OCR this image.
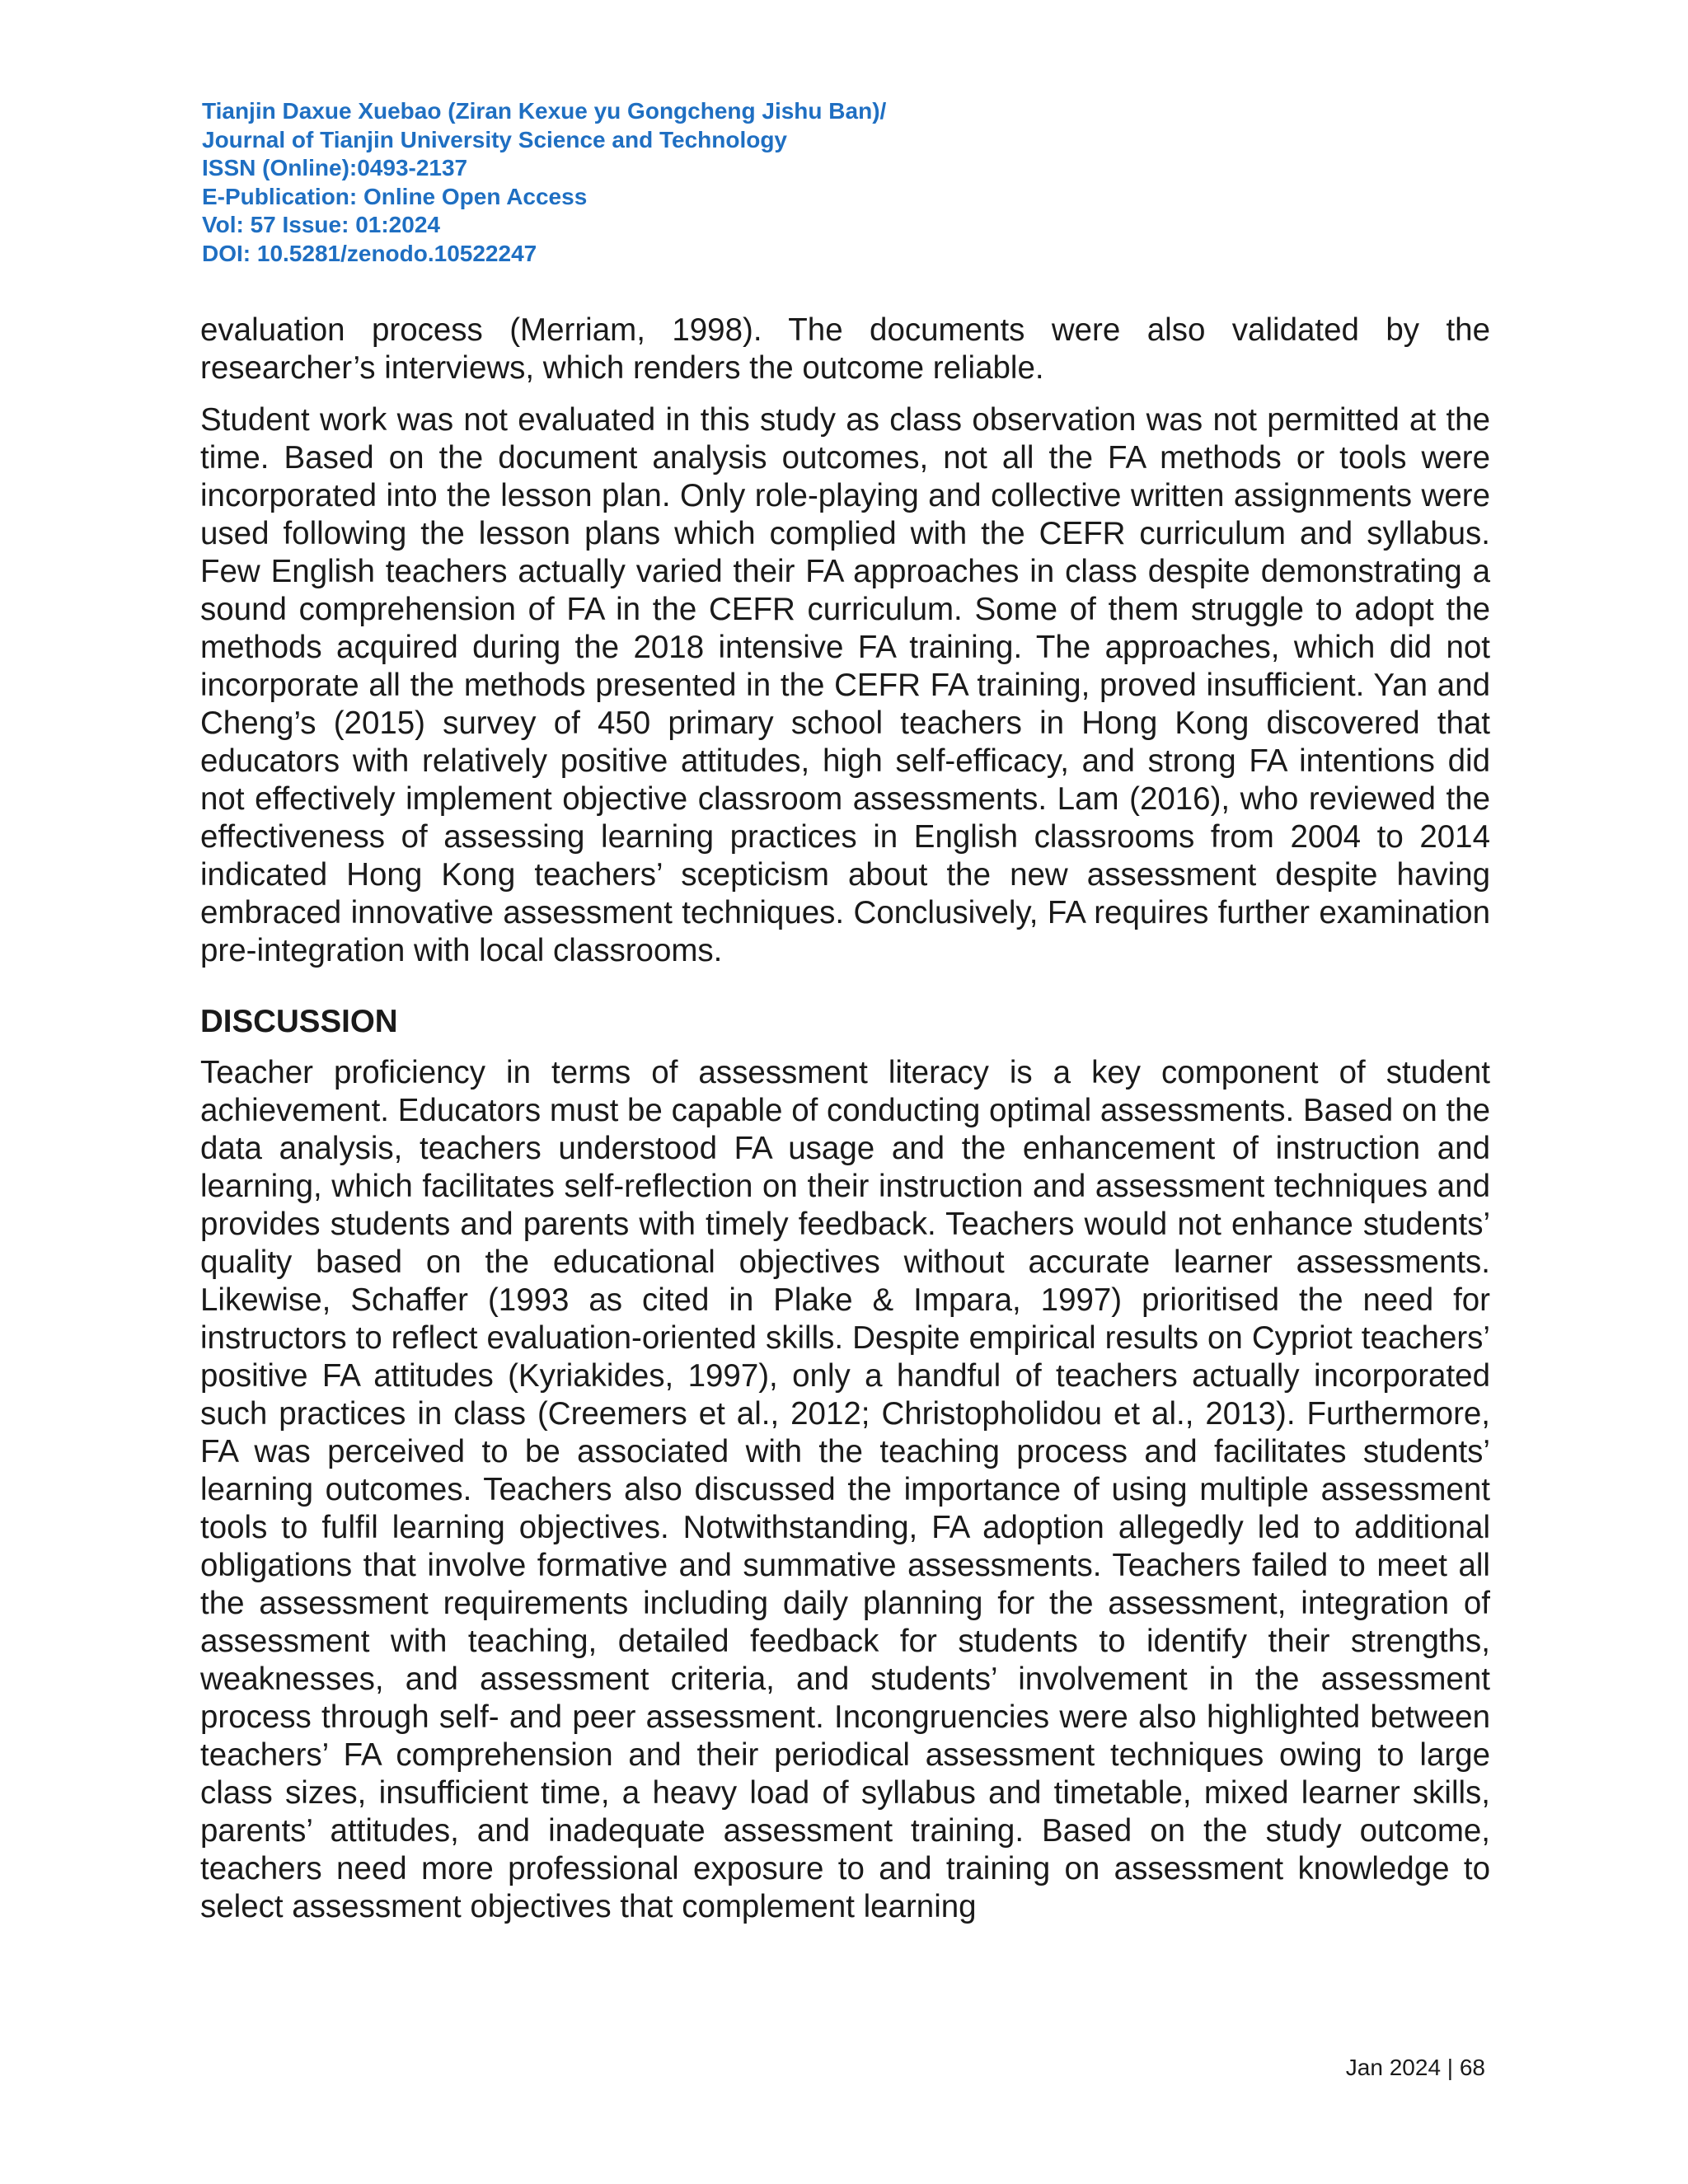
Tianjin Daxue Xuebao (Ziran Kexue yu Gongcheng Jishu Ban)/
Journal of Tianjin University Science and Technology
ISSN (Online):0493-2137
E-Publication: Online Open Access
Vol: 57 Issue: 01:2024
DOI: 10.5281/zenodo.10522247

evaluation process (Merriam, 1998). The documents were also validated by the researcher’s interviews, which renders the outcome reliable.

Student work was not evaluated in this study as class observation was not permitted at the time. Based on the document analysis outcomes, not all the FA methods or tools were incorporated into the lesson plan. Only role-playing and collective written assignments were used following the lesson plans which complied with the CEFR curriculum and syllabus. Few English teachers actually varied their FA approaches in class despite demonstrating a sound comprehension of FA in the CEFR curriculum. Some of them struggle to adopt the methods acquired during the 2018 intensive FA training. The approaches, which did not incorporate all the methods presented in the CEFR FA training, proved insufficient. Yan and Cheng’s (2015) survey of 450 primary school teachers in Hong Kong discovered that educators with relatively positive attitudes, high self-efficacy, and strong FA intentions did not effectively implement objective classroom assessments. Lam (2016), who reviewed the effectiveness of assessing learning practices in English classrooms from 2004 to 2014 indicated Hong Kong teachers’ scepticism about the new assessment despite having embraced innovative assessment techniques. Conclusively, FA requires further examination pre-integration with local classrooms.

DISCUSSION

Teacher proficiency in terms of assessment literacy is a key component of student achievement. Educators must be capable of conducting optimal assessments. Based on the data analysis, teachers understood FA usage and the enhancement of instruction and learning, which facilitates self-reflection on their instruction and assessment techniques and provides students and parents with timely feedback. Teachers would not enhance students’ quality based on the educational objectives without accurate learner assessments. Likewise, Schaffer (1993 as cited in Plake & Impara, 1997) prioritised the need for instructors to reflect evaluation-oriented skills. Despite empirical results on Cypriot teachers’ positive FA attitudes (Kyriakides, 1997), only a handful of teachers actually incorporated such practices in class (Creemers et al., 2012; Christopholidou et al., 2013). Furthermore, FA was perceived to be associated with the teaching process and facilitates students’ learning outcomes. Teachers also discussed the importance of using multiple assessment tools to fulfil learning objectives. Notwithstanding, FA adoption allegedly led to additional obligations that involve formative and summative assessments. Teachers failed to meet all the assessment requirements including daily planning for the assessment, integration of assessment with teaching, detailed feedback for students to identify their strengths, weaknesses, and assessment criteria, and students’ involvement in the assessment process through self- and peer assessment. Incongruencies were also highlighted between teachers’ FA comprehension and their periodical assessment techniques owing to large class sizes, insufficient time, a heavy load of syllabus and timetable, mixed learner skills, parents’ attitudes, and inadequate assessment training. Based on the study outcome, teachers need more professional exposure to and training on assessment knowledge to select assessment objectives that complement learning

Jan 2024 | 68
